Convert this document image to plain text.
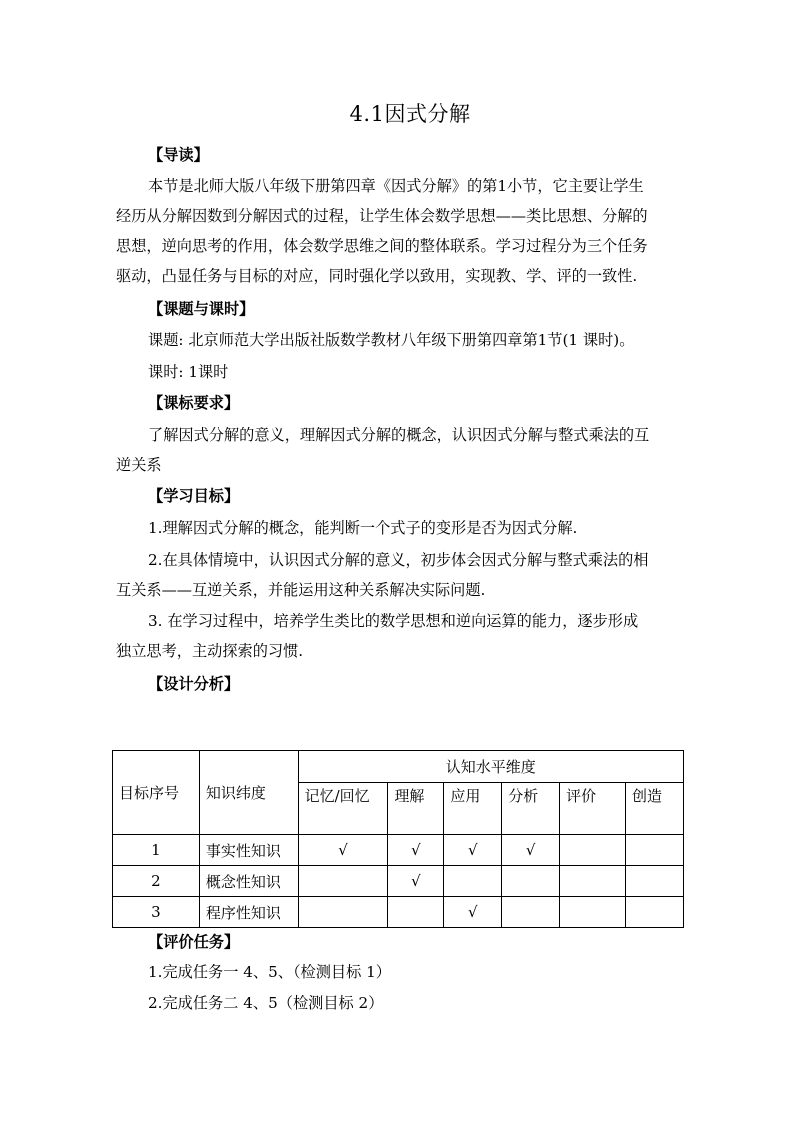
4.1因式分解
【导读】
本节是北师大版八年级下册第四章《因式分解》的第1小节，它主要让学生
经历从分解因数到分解因式的过程，让学生体会数学思想——类比思想、分解的
思想，逆向思考的作用，体会数学思维之间的整体联系。学习过程分为三个任务
驱动，凸显任务与目标的对应，同时强化学以致用，实现教、学、评的一致性.
【课题与课时】
课题: 北京师范大学出版社版数学教材八年级下册第四章第1节(1 课时)。
课时: 1课时
【课标要求】
了解因式分解的意义，理解因式分解的概念，认识因式分解与整式乘法的互
逆关系
【学习目标】
1.理解因式分解的概念，能判断一个式子的变形是否为因式分解.
2.在具体情境中，认识因式分解的意义，初步体会因式分解与整式乘法的相
互关系——互逆关系，并能运用这种关系解决实际问题.
3. 在学习过程中，培养学生类比的数学思想和逆向运算的能力，逐步形成
独立思考，主动探索的习惯.
【设计分析】
目标序号	知识纬度	认知水平维度					
		记忆/回忆	理解	应用	分析	评价	创造
1	事实性知识	√	√	√	√		
2	概念性知识		√				
3	程序性知识			√			
【评价任务】
1.完成任务一 4、5、（检测目标 1）
2.完成任务二 4、5（检测目标 2）
